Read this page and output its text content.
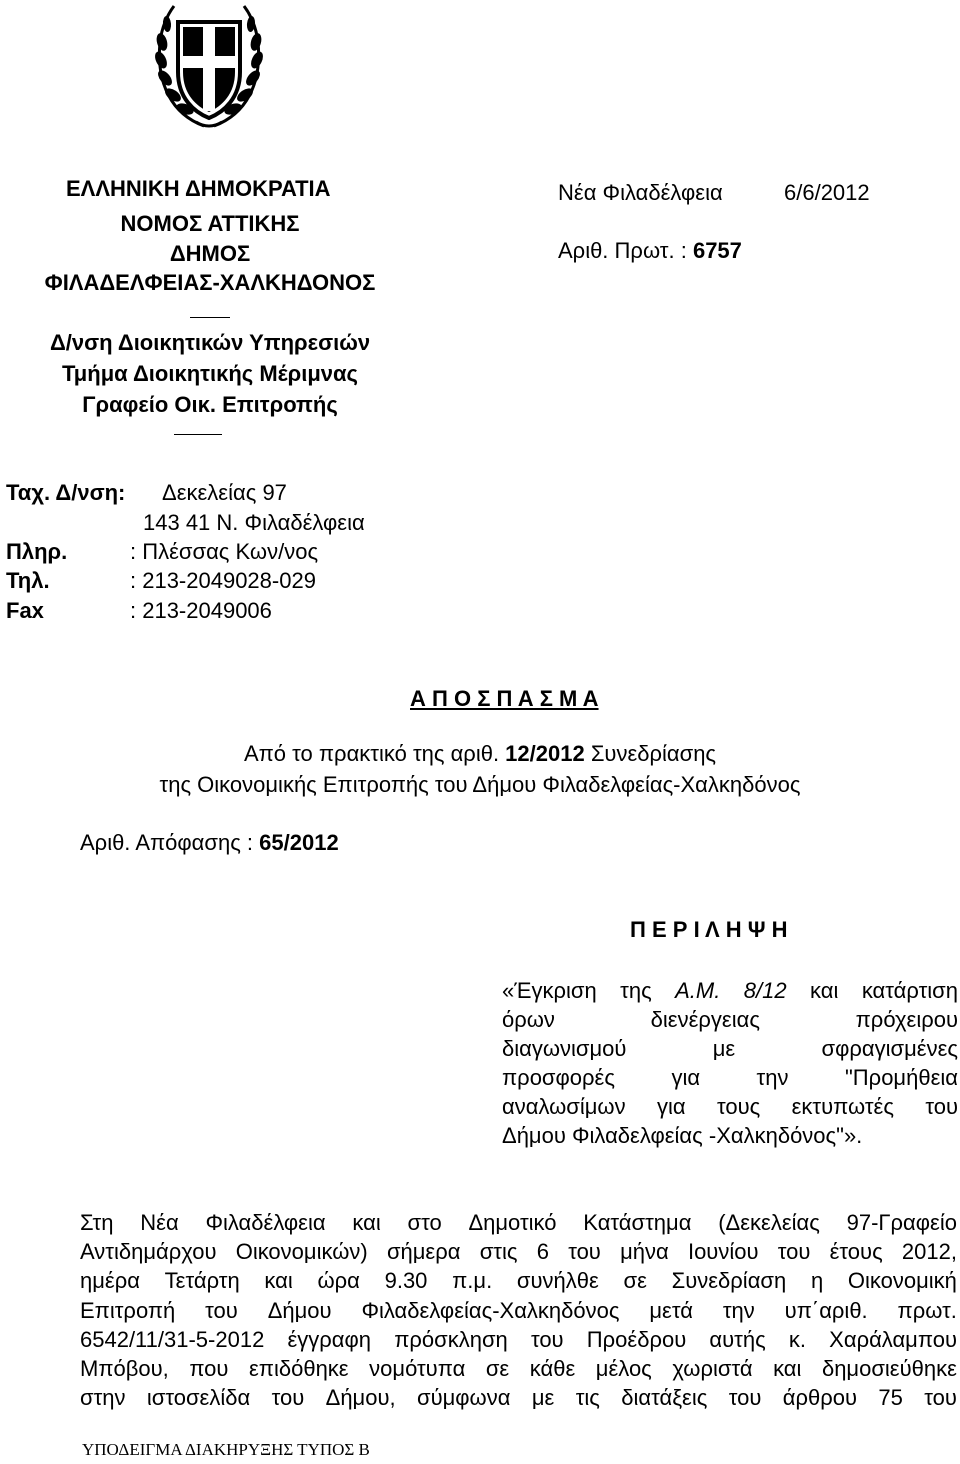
ΕΛΛΗΝΙΚΗ ΔΗΜΟΚΡΑΤΙΑ
ΝΟΜΟΣ ΑΤΤΙΚΗΣ
ΔΗΜΟΣ
ΦΙΛΑΔΕΛΦΕΙΑΣ-ΧΑΛΚΗΔΟΝΟΣ
Δ/νση Διοικητικών Υπηρεσιών
Τμήμα Διοικητικής Μέριμνας
Γραφείο Οικ. Επιτροπής
Νέα Φιλαδέλφεια	6/6/2012
Αριθ. Πρωτ. : 6757
Ταχ. Δ/νση: Δεκελείας 97
143 41 Ν. Φιλαδέλφεια
Πληρ.	: Πλέσσας Κων/νος
Τηλ.	: 213-2049028-029
Fax	: 213-2049006
Α Π Ο Σ Π Α Σ Μ Α
Από το πρακτικό της αριθ. 12/2012 Συνεδρίασης
της Οικονομικής Επιτροπής του Δήμου Φιλαδελφείας-Χαλκηδόνος
Αριθ. Απόφασης : 65/2012
Π Ε Ρ Ι Λ Η Ψ Η
«Έγκριση της Α.Μ. 8/12 και κατάρτιση
όρων	διενέργειας	πρόχειρου
διαγωνισμού	με	σφραγισμένες
προσφορές	για	την	"Προμήθεια
αναλωσίμων για τους εκτυπωτές του
Δήμου Φιλαδελφείας -Χαλκηδόνος"».
Στη Νέα Φιλαδέλφεια και στο Δημοτικό Κατάστημα (Δεκελείας 97-Γραφείο
Αντιδημάρχου Οικονομικών) σήμερα στις 6 του μήνα Ιουνίου του έτους 2012,
ημέρα Τετάρτη και ώρα 9.30 π.μ. συνήλθε σε Συνεδρίαση η Οικονομική
Επιτροπή του Δήμου Φιλαδελφείας-Χαλκηδόνος μετά την υπ΄αριθ. πρωτ.
6542/11/31-5-2012 έγγραφη πρόσκληση του Προέδρου αυτής κ. Χαράλαμπου
Μπόβου, που επιδόθηκε νομότυπα σε κάθε μέλος χωριστά και δημοσιεύθηκε
στην ιστοσελίδα του Δήμου, σύμφωνα με τις διατάξεις του άρθρου 75 του
ΥΠΟΔΕΙΓΜΑ ΔΙΑΚΗΡΥΞΗΣ ΤΥΠΟΣ Β
